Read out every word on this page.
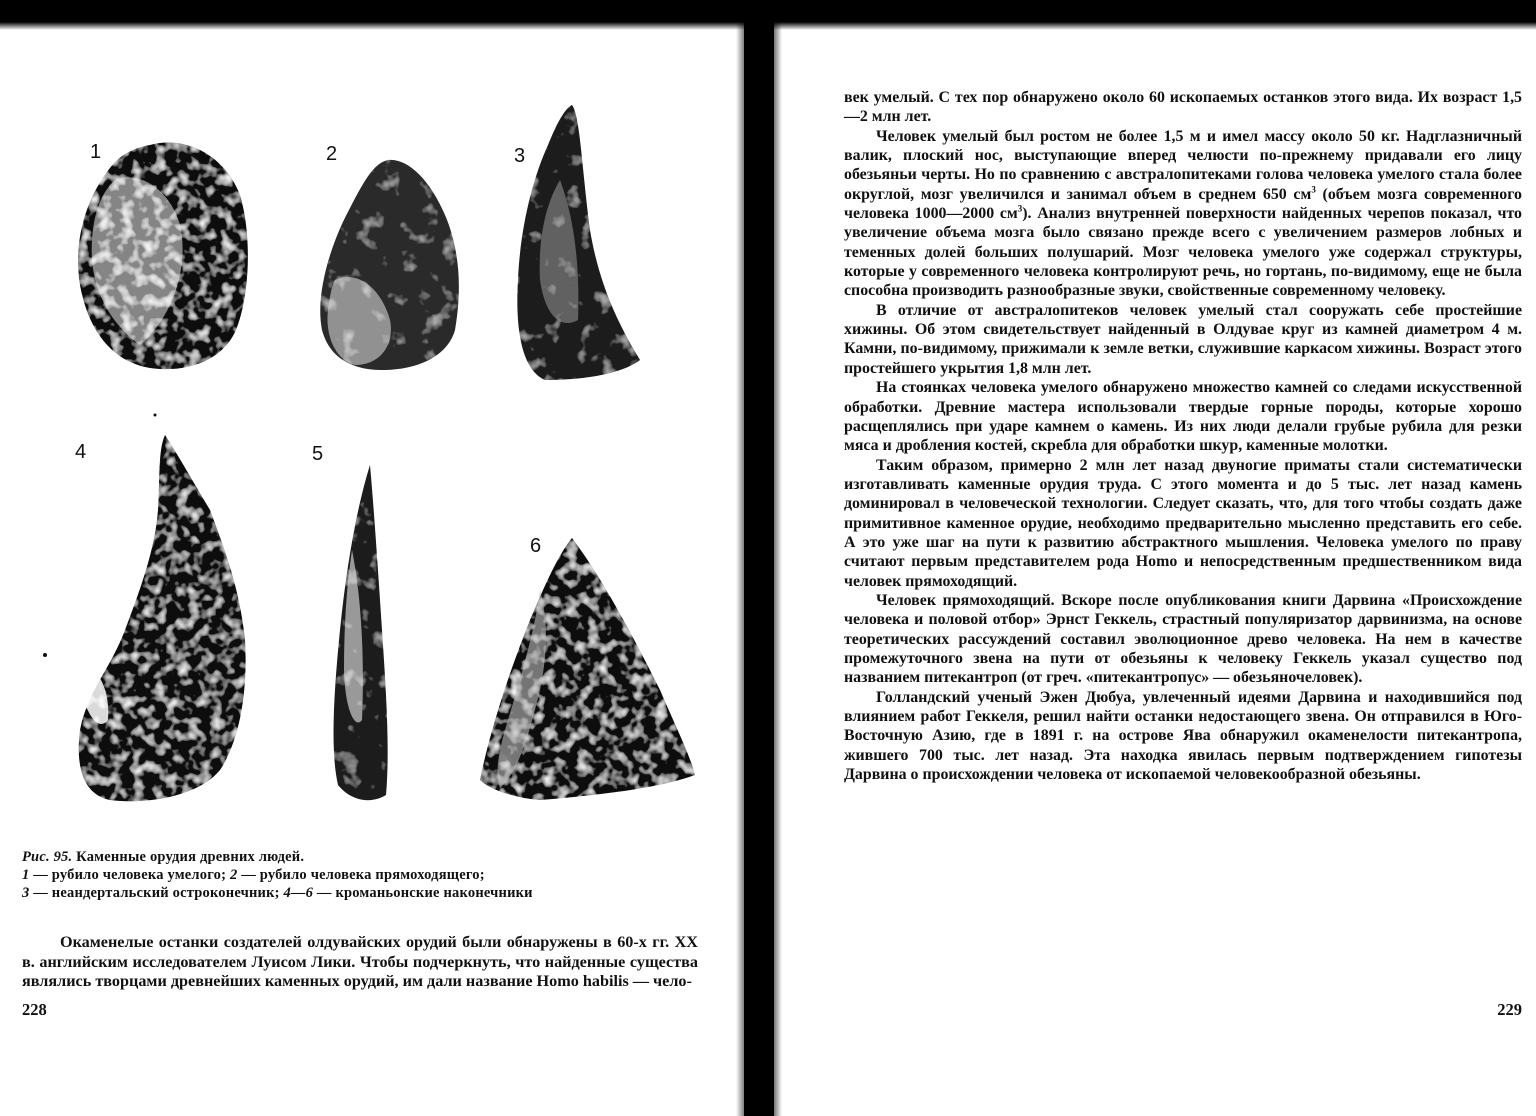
1	2	3
4	5
6
Рис. 95. Каменные орудия древних людей.
1 — рубило человека умелого; 2 — рубило человека прямоходящего;
3 — неандертальский остроконечник; 4—6 — кроманьонские наконечники

Окаменелые останки создателей олдувайских орудий были обнаружены в 60-х гг. XX в. английским исследователем Луисом Лики. Чтобы подчеркнуть, что найденные существа являлись творцами древнейших каменных орудий, им дали название Homo habilis — чело-

228

век умелый. С тех пор обнаружено около 60 ископаемых останков этого вида. Их возраст 1,5—2 млн лет.

Человек умелый был ростом не более 1,5 м и имел массу около 50 кг. Надглазничный валик, плоский нос, выступающие вперед челюсти по-прежнему придавали его лицу обезьяньи черты. Но по сравнению с австралопитеками голова человека умелого стала более округлой, мозг увеличился и занимал объем в среднем 650 $см^3$ (объем мозга современного человека 1000—2000 $см^3$). Анализ внутренней поверхности найденных черепов показал, что увеличение объема мозга было связано прежде всего с увеличением размеров лобных и теменных долей больших полушарий. Мозг человека умелого уже содержал структуры, которые у современного человека контролируют речь, но гортань, по-видимому, еще не была способна производить разнообразные звуки, свойственные современному человеку.

В отличие от австралопитеков человек умелый стал сооружать себе простейшие хижины. Об этом свидетельствует найденный в Олдувае круг из камней диаметром 4 м. Камни, по-видимому, прижимали к земле ветки, служившие каркасом хижины. Возраст этого простейшего укрытия 1,8 млн лет.

На стоянках человека умелого обнаружено множество камней со следами искусственной обработки. Древние мастера использовали твердые горные породы, которые хорошо расщеплялись при ударе камнем о камень. Из них люди делали грубые рубила для резки мяса и дробления костей, скребла для обработки шкур, каменные молотки.

Таким образом, примерно 2 млн лет назад двуногие приматы стали систематически изготавливать каменные орудия труда. С этого момента и до 5 тыс. лет назад камень доминировал в человеческой технологии. Следует сказать, что, для того чтобы создать даже примитивное каменное орудие, необходимо предварительно мысленно представить его себе. А это уже шаг на пути к развитию абстрактного мышления. Человека умелого по праву считают первым представителем рода Homo и непосредственным предшественником вида человек прямоходящий.

Человек прямоходящий. Вскоре после опубликования книги Дарвина «Происхождение человека и половой отбор» Эрнст Геккель, страстный популяризатор дарвинизма, на основе теоретических рассуждений составил эволюционное древо человека. На нем в качестве промежуточного звена на пути от обезьяны к человеку Геккель указал существо под названием питекантроп (от греч. «питекантропус» — обезьяночеловек).

Голландский ученый Эжен Дюбуа, увлеченный идеями Дарвина и находившийся под влиянием работ Геккеля, решил найти останки недостающего звена. Он отправился в Юго-Восточную Азию, где в 1891 г. на острове Ява обнаружил окаменелости питекантропа, жившего 700 тыс. лет назад. Эта находка явилась первым подтверждением гипотезы Дарвина о происхождении человека от ископаемой человекообразной обезьяны.

229
